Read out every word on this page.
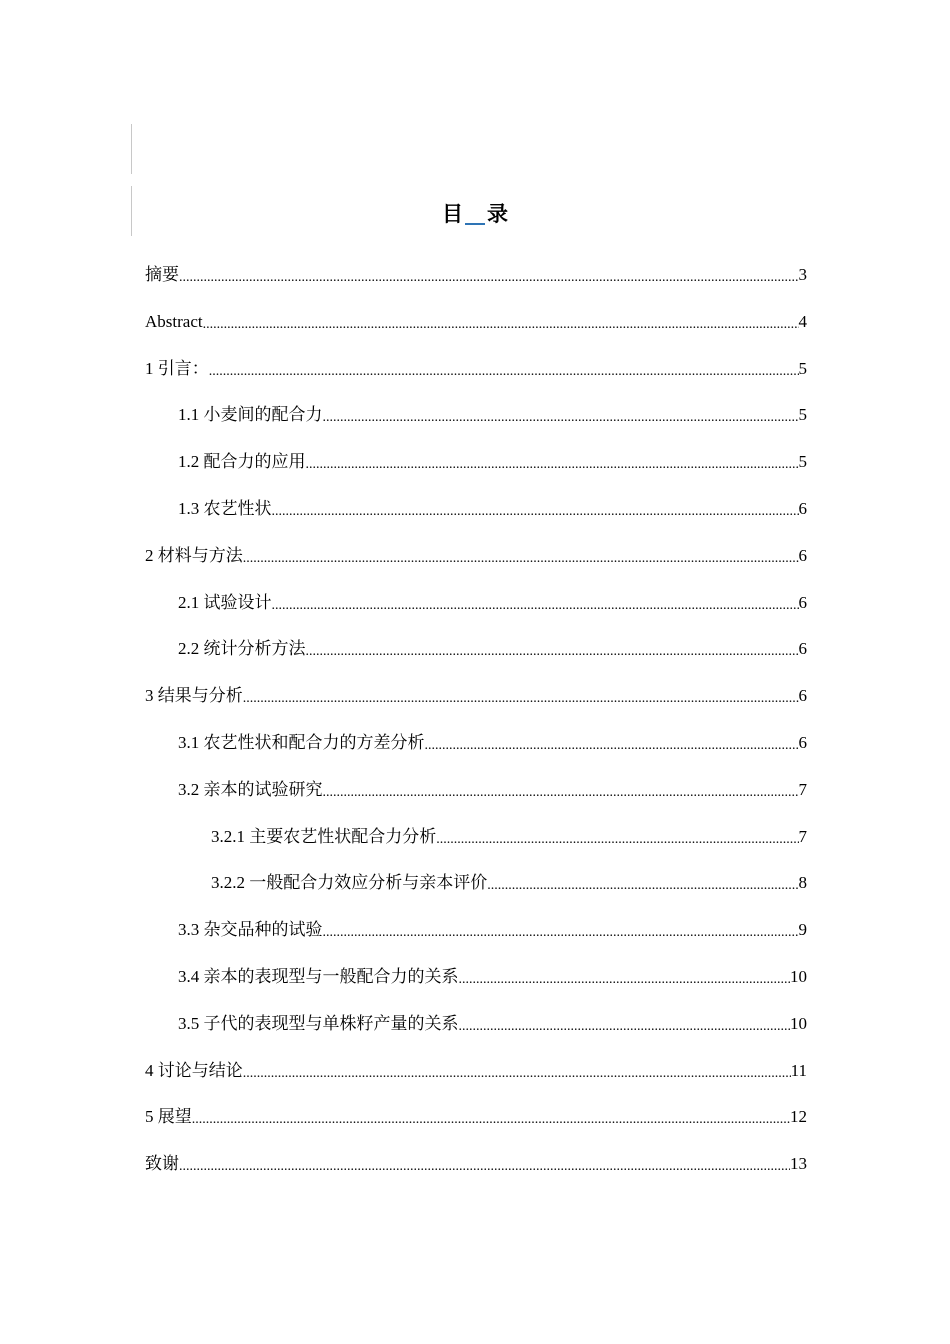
目 录
摘要 .....	3
Abstract .....	4
1 引言： .....	5
1.1 小麦间的配合力 .....	5
1.2 配合力的应用 .....	5
1.3 农艺性状 .....	6
2 材料与方法 .....	6
2.1 试验设计 .....	6
2.2 统计分析方法 .....	6
3 结果与分析 .....	6
3.1 农艺性状和配合力的方差分析 .....	6
3.2 亲本的试验研究 .....	7
3.2.1 主要农艺性状配合力分析 .....	7
3.2.2 一般配合力效应分析与亲本评价 .....	8
3.3 杂交品种的试验 .....	9
3.4 亲本的表现型与一般配合力的关系 .....	10
3.5 子代的表现型与单株籽产量的关系 .....	10
4 讨论与结论 .....	11
5 展望 .....	12
致谢 .....	13
